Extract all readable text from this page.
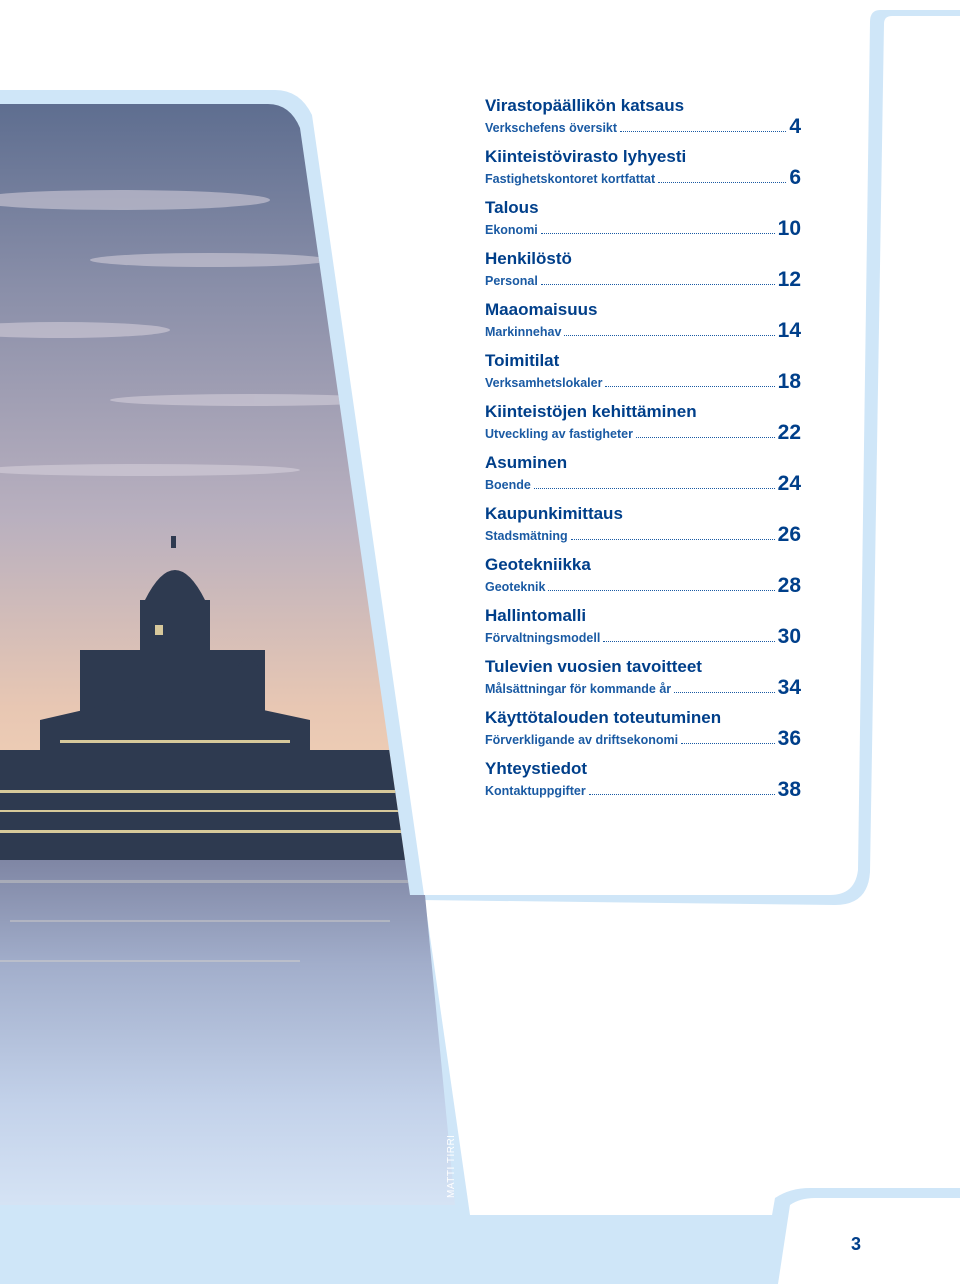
MATTI TIRRI
Virastopäällikön katsaus
Verkschefens översikt	4
Kiinteistövirasto lyhyesti
Fastighetskontoret kortfattat	6
Talous
Ekonomi	10
Henkilöstö
Personal	12
Maaomaisuus
Markinnehav	14
Toimitilat
Verksamhetslokaler	18
Kiinteistöjen kehittäminen
Utveckling av fastigheter	22
Asuminen
Boende	24
Kaupunkimittaus
Stadsmätning	26
Geotekniikka
Geoteknik	28
Hallintomalli
Förvaltningsmodell	30
Tulevien vuosien tavoitteet
Målsättningar för kommande år	34
Käyttötalouden toteutuminen
Förverkligande av driftsekonomi	36
Yhteystiedot
Kontaktuppgifter	38
3
